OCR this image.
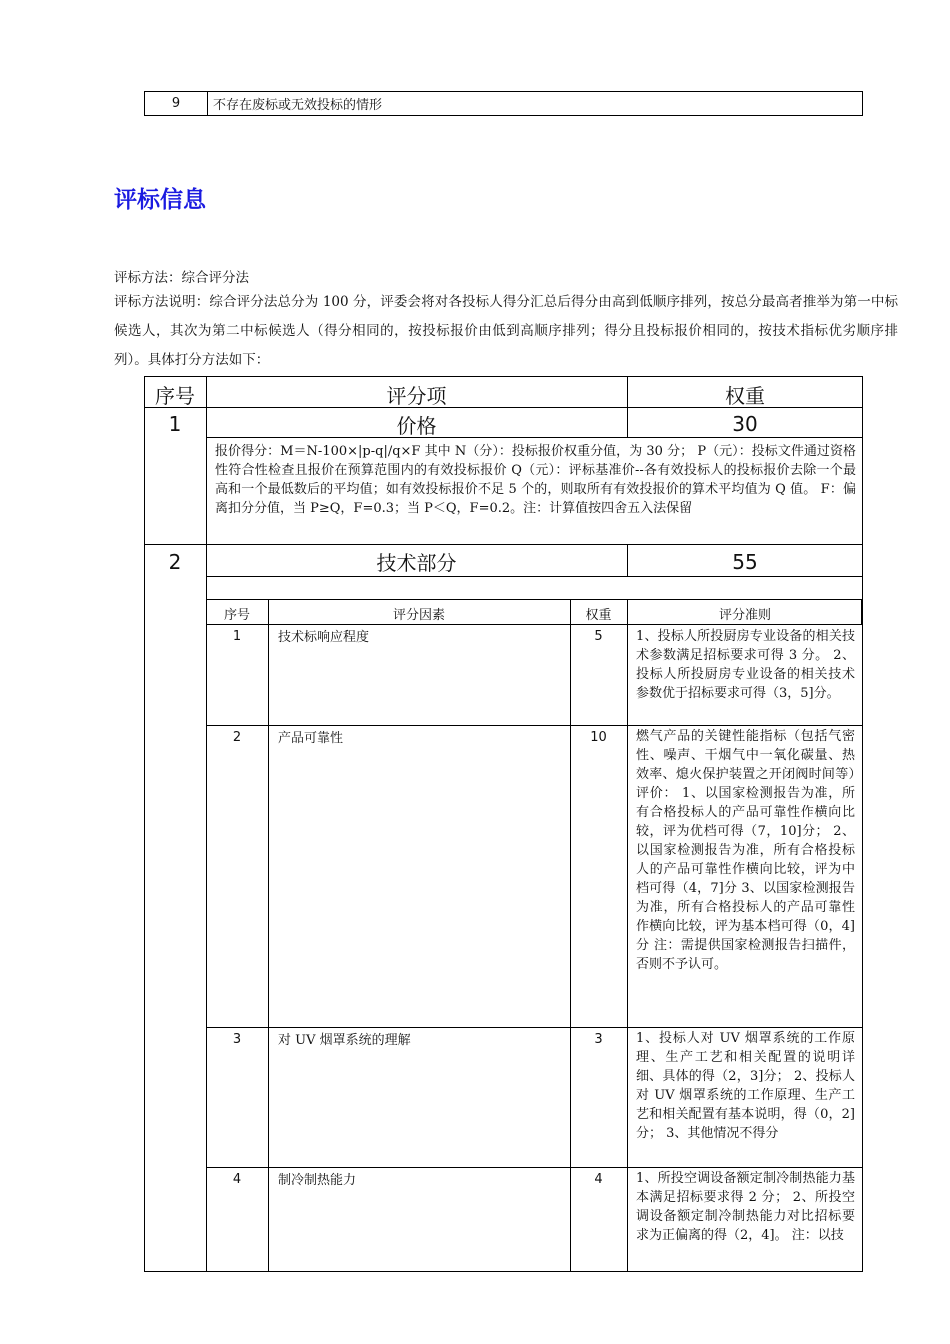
9	不存在废标或无效投标的情形
评标信息
评标方法：综合评分法
评标方法说明：综合评分法总分为 100 分，评委会将对各投标人得分汇总后得分由高到低顺序排列，按总分最高者推举为第一中标候选人，其次为第二中标候选人（得分相同的，按投标报价由低到高顺序排列；得分且投标报价相同的，按技术指标优劣顺序排列）。具体打分方法如下：
序号	评分项	权重
1	价格	30
报价得分：M＝N-100×|p-q|/q×F 其中 N（分）：投标报价权重分值，为 30 分； P（元）：投标文件通过资格性符合性检查且报价在预算范围内的有效投标报价 Q（元）：评标基准价--各有效投标人的投标报价去除一个最高和一个最低数后的平均值；如有效投标报价不足 5 个的，则取所有有效投报价的算术平均值为 Q 值。 F：偏离扣分分值，当 P≥Q，F=0.3；当 P＜Q，F=0.2。注：计算值按四舍五入法保留
2	技术部分	55
序号	评分因素	权重	评分准则
1	技术标响应程度	5	1、投标人所投厨房专业设备的相关技术参数满足招标要求可得 3 分。 2、投标人所投厨房专业设备的相关技术参数优于招标要求可得（3，5]分。
2	产品可靠性	10	燃气产品的关键性能指标（包括气密性、噪声、干烟气中一氧化碳量、热效率、熄火保护装置之开闭阀时间等）评价： 1、以国家检测报告为准，所有合格投标人的产品可靠性作横向比较，评为优档可得（7，10]分； 2、以国家检测报告为准，所有合格投标人的产品可靠性作横向比较，评为中档可得（4，7]分 3、以国家检测报告为准，所有合格投标人的产品可靠性作横向比较，评为基本档可得（0，4]分 注：需提供国家检测报告扫描件，否则不予认可。
3	对 UV 烟罩系统的理解	3	1、投标人对 UV 烟罩系统的工作原理、生产工艺和相关配置的说明详细、具体的得（2，3]分； 2、投标人对 UV 烟罩系统的工作原理、生产工艺和相关配置有基本说明，得（0，2]分； 3、其他情况不得分
4	制冷制热能力	4	1、所投空调设备额定制冷制热能力基本满足招标要求得 2 分； 2、所投空调设备额定制冷制热能力对比招标要求为正偏离的得（2，4]。 注：以技
